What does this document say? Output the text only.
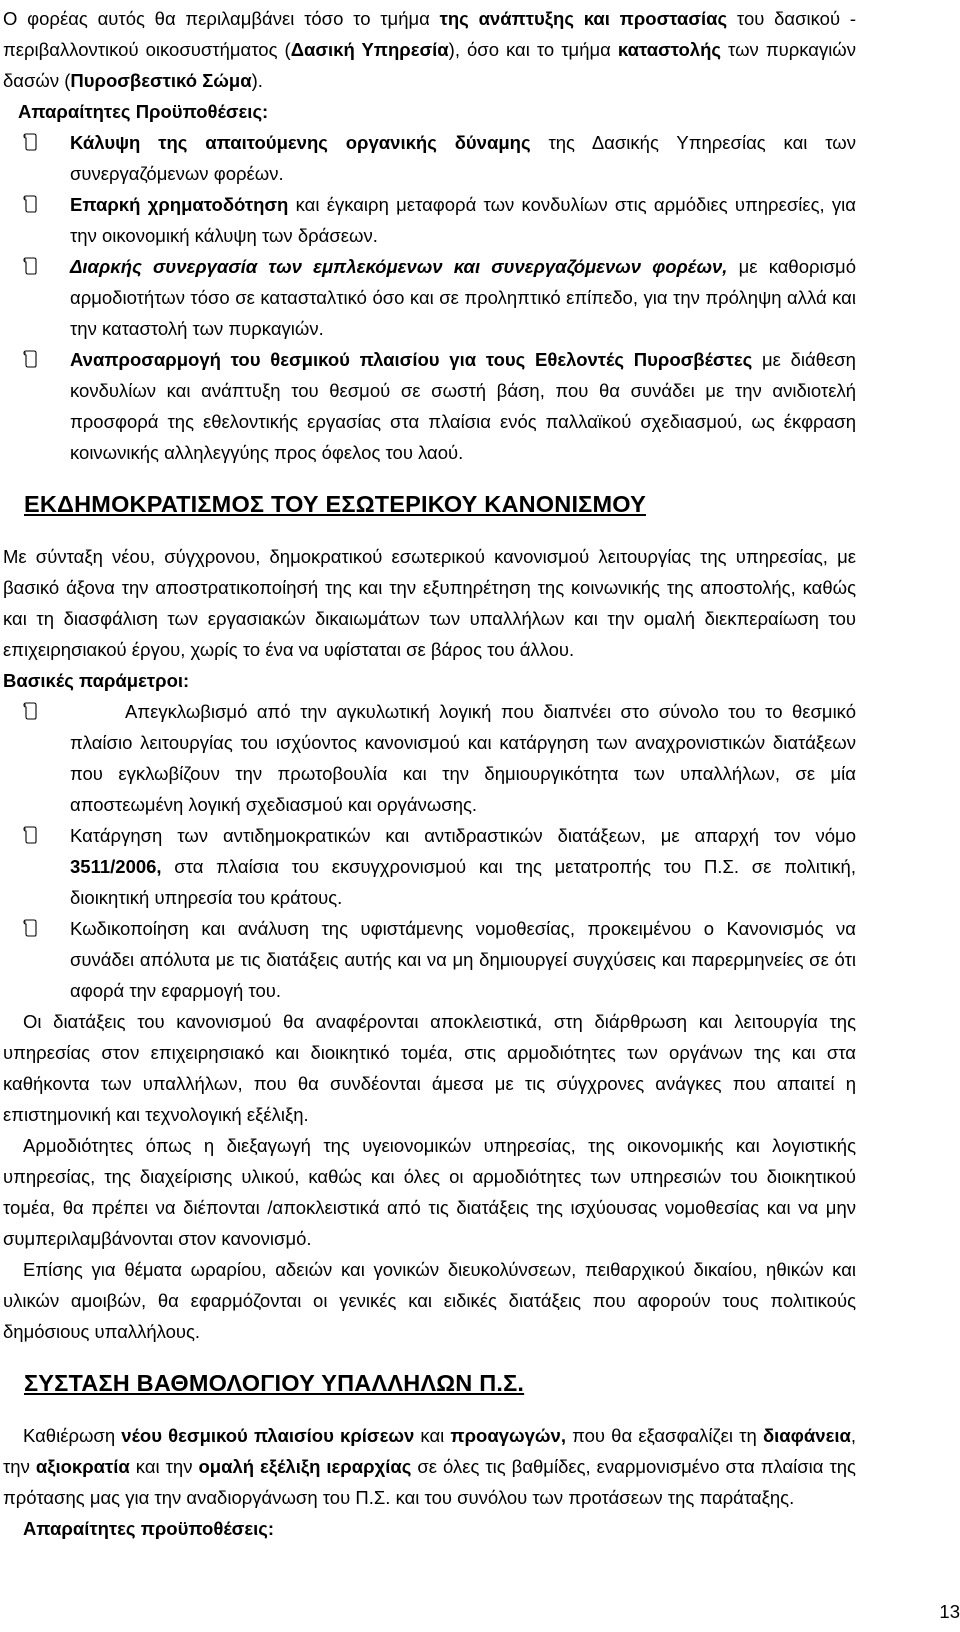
Ο φορέας αυτός θα περιλαμβάνει τόσο το τμήμα της ανάπτυξης και προστασίας του δασικού - περιβαλλοντικού οικοσυστήματος (Δασική Υπηρεσία), όσο και το τμήμα καταστολής των πυρκαγιών δασών (Πυροσβεστικό Σώμα).

Απαραίτητες Προϋποθέσεις:

Κάλυψη της απαιτούμενης οργανικής δύναμης της Δασικής Υπηρεσίας και των συνεργαζόμενων φορέων.
Επαρκή χρηματοδότηση και έγκαιρη μεταφορά των κονδυλίων στις αρμόδιες υπηρεσίες, για την οικονομική κάλυψη των δράσεων.
Διαρκής συνεργασία των εμπλεκόμενων και συνεργαζόμενων φορέων, με καθορισμό αρμοδιοτήτων τόσο σε κατασταλτικό όσο και σε προληπτικό επίπεδο, για την πρόληψη αλλά και την καταστολή των πυρκαγιών.
Αναπροσαρμογή του θεσμικού πλαισίου για τους Εθελοντές Πυροσβέστες με διάθεση κονδυλίων και ανάπτυξη του θεσμού σε σωστή βάση, που θα συνάδει με την ανιδιοτελή προσφορά της εθελοντικής εργασίας στα πλαίσια ενός παλλαϊκού σχεδιασμού, ως έκφραση κοινωνικής αλληλεγγύης προς όφελος του λαού.
ΕΚΔΗΜΟΚΡΑΤΙΣΜΟΣ ΤΟΥ ΕΣΩΤΕΡΙΚΟΥ ΚΑΝΟΝΙΣΜΟΥ

Με σύνταξη νέου, σύγχρονου, δημοκρατικού εσωτερικού κανονισμού λειτουργίας της υπηρεσίας, με βασικό άξονα την αποστρατικοποίησή της και την εξυπηρέτηση της κοινωνικής της αποστολής, καθώς και τη διασφάλιση των εργασιακών δικαιωμάτων των υπαλλήλων και την ομαλή διεκπεραίωση του επιχειρησιακού έργου, χωρίς το ένα να υφίσταται σε βάρος του άλλου.

Βασικές παράμετροι:

Απεγκλωβισμό από την αγκυλωτική λογική που διαπνέει στο σύνολο του το θεσμικό πλαίσιο λειτουργίας του ισχύοντος κανονισμού και κατάργηση των αναχρονιστικών διατάξεων που εγκλωβίζουν την πρωτοβουλία και την δημιουργικότητα των υπαλλήλων, σε μία αποστεωμένη λογική σχεδιασμού και οργάνωσης.
Κατάργηση των αντιδημοκρατικών και αντιδραστικών διατάξεων, με απαρχή τον νόμο 3511/2006, στα πλαίσια του εκσυγχρονισμού και της μετατροπής του Π.Σ. σε πολιτική, διοικητική υπηρεσία του κράτους.
Κωδικοποίηση και ανάλυση της υφιστάμενης νομοθεσίας, προκειμένου ο Κανονισμός να συνάδει απόλυτα με τις διατάξεις αυτής και να μη δημιουργεί συγχύσεις και παρερμηνείες σε ότι αφορά την εφαρμογή του.

Οι διατάξεις του κανονισμού θα αναφέρονται αποκλειστικά, στη διάρθρωση και λειτουργία της υπηρεσίας στον επιχειρησιακό και διοικητικό τομέα, στις αρμοδιότητες των οργάνων της και στα καθήκοντα των υπαλλήλων, που θα συνδέονται άμεσα με τις σύγχρονες ανάγκες που απαιτεί η επιστημονική και τεχνολογική εξέλιξη.

Αρμοδιότητες όπως η διεξαγωγή της υγειονομικών υπηρεσίας, της οικονομικής και λογιστικής υπηρεσίας, της διαχείρισης υλικού, καθώς και όλες οι αρμοδιότητες των υπηρεσιών του διοικητικού τομέα, θα πρέπει να διέπονται /αποκλειστικά από τις διατάξεις της ισχύουσας νομοθεσίας και να μην συμπεριλαμβάνονται στον κανονισμό.

Επίσης για θέματα ωραρίου, αδειών και γονικών διευκολύνσεων, πειθαρχικού δικαίου, ηθικών και υλικών αμοιβών, θα εφαρμόζονται οι γενικές και ειδικές διατάξεις που αφορούν τους πολιτικούς δημόσιους υπαλλήλους.

ΣΥΣΤΑΣΗ ΒΑΘΜΟΛΟΓΙΟΥ ΥΠΑΛΛΗΛΩΝ Π.Σ.

Καθιέρωση νέου θεσμικού πλαισίου κρίσεων και προαγωγών, που θα εξασφαλίζει τη διαφάνεια, την αξιοκρατία και την ομαλή εξέλιξη ιεραρχίας σε όλες τις βαθμίδες, εναρμονισμένο στα πλαίσια της πρότασης μας για την αναδιοργάνωση του Π.Σ. και του συνόλου των προτάσεων της παράταξης.

Απαραίτητες προϋποθέσεις:

13
